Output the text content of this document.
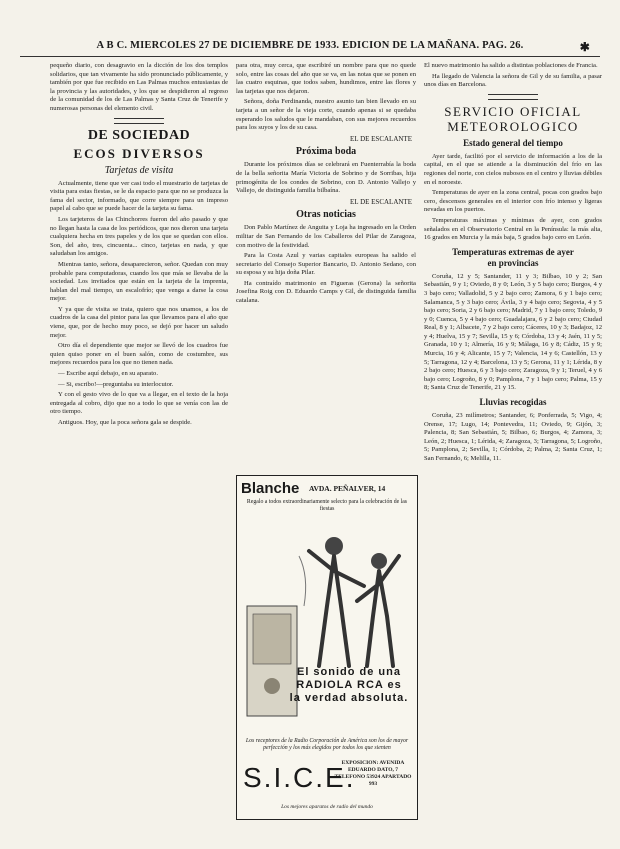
A B C. MIERCOLES 27 DE DICIEMBRE DE 1933. EDICION DE LA MAÑANA. PAG. 26.	✱

pequeño diario, con desagravio en la dicción de los dos templos solidarios, que tan vivamente ha sido pronunciado públicamente, y también por que fue recibido en Las Palmas muchos entusiastas de la provincia y las autoridades, y los que se despidieron al regreso de la comunidad de los de Las Palmas y Santa Cruz de Tenerife y numerosas personas del elemento civil.

DE SOCIEDAD
ECOS DIVERSOS
Tarjetas de visita

Actualmente, tiene que ver casi todo el muestrario de tarjetas de visita para estas fiestas, se le da espacio para que no se produzca la fama del sector, informado, que corre siempre para un impreso papel al cabo que se puede hacer de la tarjeta su fama.

Los tarjeteros de las Chinchorres fueron del año pasado y que no llegan hasta la casa de los periódicos, que nos dieron una tarjeta cualquiera hecha en tres papeles y de los que se quedan con ellos. Son, del año, tres, cincuenta... cinco, tarjetas en nada, y que saludaban los amigos.

Mientras tanto, señora, desaparecieron, señor. Quedan con muy probable para computadoras, cuando los que más se llevaba de la sociedad. Los invitados que están en la tarjeta de la imprenta, hablan del mal tiempo, un escalofrío; que venga a darse la cosa mejor.

Y ya que de visita se trata, quiero que nos unamos, a los de cuadros de la casa del pintor para las que llevamos para el año que viene, que, por de hecho muy poco, se dejó por hacer un saludo mejor.

Otro día el dependiente que mejor se llevó de los cuadros fue quien quiso poner en el buen salón, como de costumbre, sus mejores recuerdos para los que no tienen nada.

— Escribe aquí debajo, en su aparato.

— Si, escribo!—preguntaba su interlocutor.

Y con el gesto vivo de lo que va a llegar, en el texto de la hoja entregada al cobro, dijo que no a todo lo que se venía con las de otro tiempo.

Antiguos. Hoy, que la poca señora gala se despide.

para otra, muy cerca, que escribiré un nombre para que no quede solo, entre las cosas del año que se va, en las notas que se ponen en las cuatro esquinas, que todos saben, hundimos, entre las flores y las tarjetas que nos dejaron.

Señora, doña Ferdinanda, nuestro asunto tan bien llevado en su tarjeta a un señor de la vieja corte, cuando apenas si se quedaba esperando los saludos que le mandaban, con sus mejores recuerdos para los suyos y los de su casa.

EL DE ESCALANTE
Próxima boda

Durante los próximos días se celebrará en Fuenterrabía la boda de la bella señorita María Victoria de Sobrino y de Sorribas, hija primogénita de los condes de Sobrino, con D. Antonio Vallejo y Vallejo, de distinguida familia bilbaína.

EL DE ESCALANTE
Otras noticias

Don Pablo Martínez de Anguita y Loja ha ingresado en la Orden militar de San Fernando de los Caballeros del Pilar de Zaragoza, con motivo de la festividad.

Para la Costa Azul y varias capitales europeas ha salido el secretario del Consejo Superior Bancario, D. Antonio Sedano, con su esposa y su hija doña Pilar.

Ha contraído matrimonio en Figueras (Gerona) la señorita Josefina Roig con D. Eduardo Camps y Gil, de distinguida familia catalana.

Blanche AVDA. PEÑALVER, 14
Regalo a todos extraordinariamente selecto para la celebración de las fiestas
El sonido de una RADIOLA RCA es la verdad absoluta.
Los receptores de la Radio Corporación de América son los de mayor perfección y los más elegidos por todos los que sienten
S.I.C.E.
EXPOSICION: AVENIDA EDUARDO DATO, 7 TELEFONO 53924 APARTADO 993
Los mejores aparatos de radio del mundo

El nuevo matrimonio ha salido a distintas poblaciones de Francia.

Ha llegado de Valencia la señora de Gil y de su familia, a pasar unos días en Barcelona.

SERVICIO OFICIAL
METEOROLOGICO
Estado general del tiempo

Ayer tarde, facilitó por el servicio de información a los de la capital, en el que se atiende a la disminución del frío en las regiones del norte, con cielos nubosos en el centro y lluvias débiles en el noroeste.

Temperaturas de ayer en la zona central, pocas con grados bajo cero, descensos generales en el interior con frío intenso y ligeras nevadas en los puertos.

Temperaturas máximas y mínimas de ayer, con grados señalados en el Observatorio Central en la Península: la más alta, 16 grados en Murcia y la más baja, 5 grados bajo cero en León.

Temperaturas extremas de ayer
en provincias

Coruña, 12 y 5; Santander, 11 y 3; Bilbao, 10 y 2; San Sebastián, 9 y 1; Oviedo, 8 y 0; León, 3 y 5 bajo cero; Burgos, 4 y 3 bajo cero; Valladolid, 5 y 2 bajo cero; Zamora, 6 y 1 bajo cero; Salamanca, 5 y 3 bajo cero; Ávila, 3 y 4 bajo cero; Segovia, 4 y 5 bajo cero; Soria, 2 y 6 bajo cero; Madrid, 7 y 1 bajo cero; Toledo, 9 y 0; Cuenca, 5 y 4 bajo cero; Guadalajara, 6 y 2 bajo cero; Ciudad Real, 8 y 1; Albacete, 7 y 2 bajo cero; Cáceres, 10 y 3; Badajoz, 12 y 4; Huelva, 15 y 7; Sevilla, 15 y 6; Córdoba, 13 y 4; Jaén, 11 y 5; Granada, 10 y 1; Almería, 16 y 9; Málaga, 16 y 8; Cádiz, 15 y 9; Murcia, 16 y 4; Alicante, 15 y 7; Valencia, 14 y 6; Castellón, 13 y 5; Tarragona, 12 y 4; Barcelona, 13 y 5; Gerona, 11 y 1; Lérida, 8 y 2 bajo cero; Huesca, 6 y 3 bajo cero; Zaragoza, 9 y 1; Teruel, 4 y 6 bajo cero; Logroño, 8 y 0; Pamplona, 7 y 1 bajo cero; Palma, 15 y 8; Santa Cruz de Tenerife, 21 y 15.

Lluvias recogidas

Coruña, 23 milímetros; Santander, 6; Ponferrada, 5; Vigo, 4; Orense, 17; Lugo, 14; Pontevedra, 11; Oviedo, 9; Gijón, 3; Palencia, 8; San Sebastián, 5; Bilbao, 6; Burgos, 4; Zamora, 3; León, 2; Huesca, 1; Lérida, 4; Zaragoza, 3; Tarragona, 5; Logroño, 5; Pamplona, 2; Sevilla, 1; Córdoba, 2; Palma, 2; Santa Cruz, 1; San Fernando, 6; Melilla, 11.
